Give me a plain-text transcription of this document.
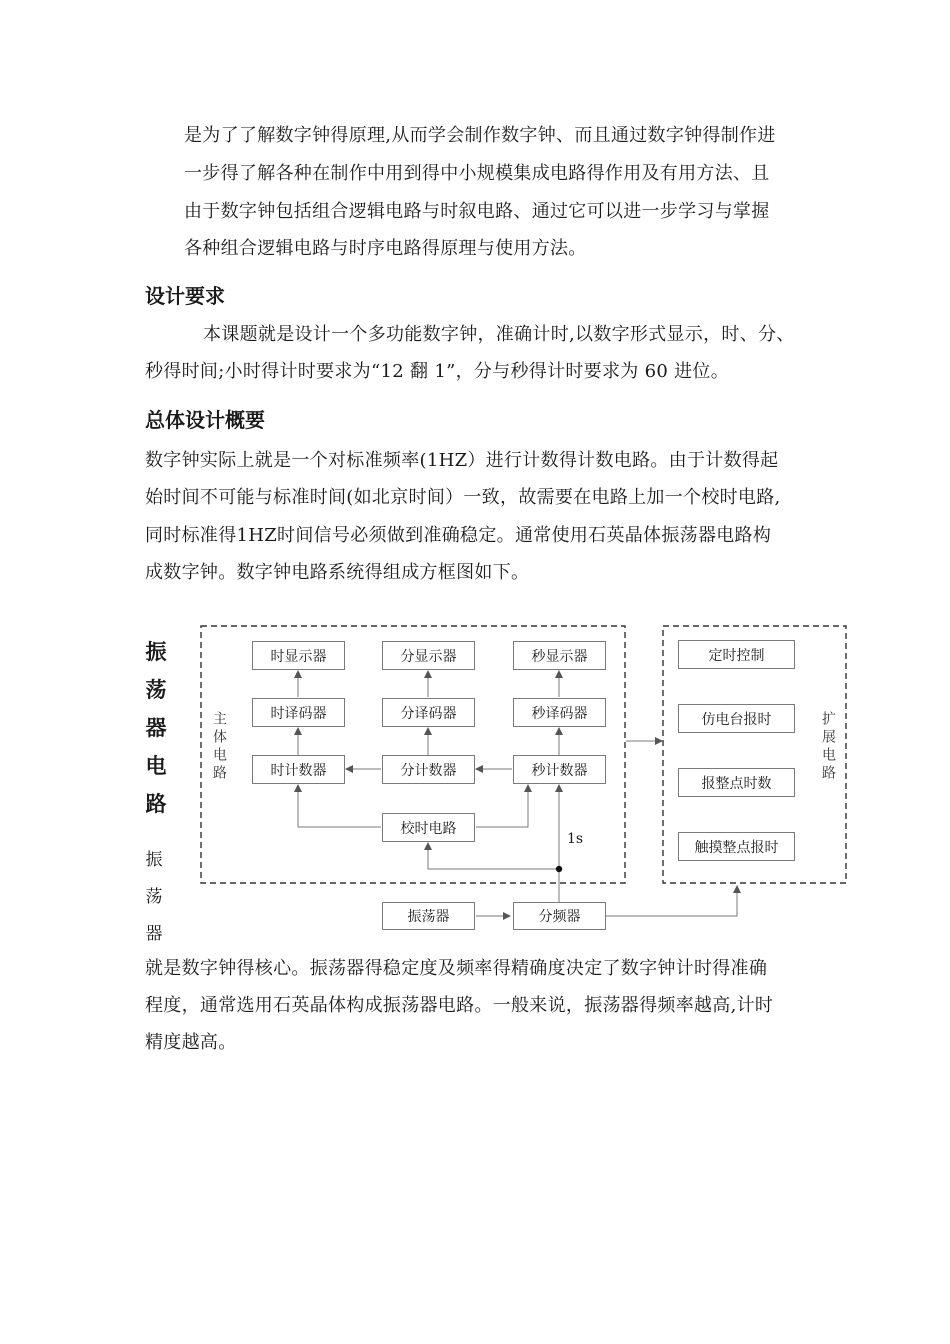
是为了了解数字钟得原理,从而学会制作数字钟、而且通过数字钟得制作进
一步得了解各种在制作中用到得中小规模集成电路得作用及有用方法、且
由于数字钟包括组合逻辑电路与时叙电路、通过它可以进一步学习与掌握
各种组合逻辑电路与时序电路得原理与使用方法。
设计要求
本课题就是设计一个多功能数字钟，准确计时,以数字形式显示，时、分、
秒得时间;小时得计时要求为“12 翻 1”，分与秒得计时要求为 60 进位。
总体设计概要
数字钟实际上就是一个对标准频率(1HZ）进行计数得计数电路。由于计数得起
始时间不可能与标准时间(如北京时间）一致，故需要在电路上加一个校时电路,
同时标准得1HZ时间信号必须做到准确稳定。通常使用石英晶体振荡器电路构
成数字钟。数字钟电路系统得组成方框图如下。
振
荡
器
电
路
振
荡
器
主体电路	扩展电路
时显示器	分显示器	秒显示器
时译码器	分译码器	秒译码器
时计数器	分计数器	秒计数器
校时电路
1s
振荡器	分频器
定时控制
仿电台报时
报整点时数
触摸整点报时
就是数字钟得核心。振荡器得稳定度及频率得精确度决定了数字钟计时得准确
程度，通常选用石英晶体构成振荡器电路。一般来说，振荡器得频率越高,计时
精度越高。
